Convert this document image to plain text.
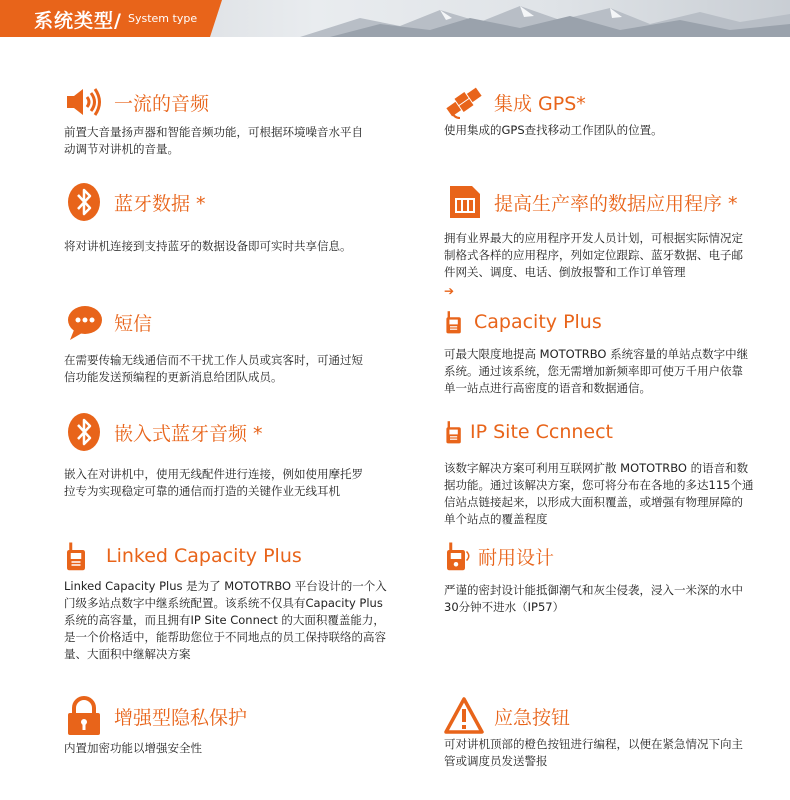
系统类型/ System type
一流的音频
前置大音量扬声器和智能音频功能，可根据环境噪音水平自动调节对讲机的音量。
集成 GPS*
使用集成的GPS查找移动工作团队的位置。
蓝牙数据 *
将对讲机连接到支持蓝牙的数据设备即可实时共享信息。
提高生产率的数据应用程序 *
拥有业界最大的应用程序开发人员计划，可根据实际情况定制格式各样的应用程序，列如定位跟踪、蓝牙数据、电子邮件网关、调度、电话、倒放报警和工作订单管理
➔
短信
在需要传输无线通信而不干扰工作人员或宾客时，可通过短信功能发送预编程的更新消息给团队成员。
Capacity Plus
可最大限度地提高 MOTOTRBO 系统容量的单站点数字中继系统。通过该系统，您无需增加新频率即可使万千用户依靠单一站点进行高密度的语音和数据通信。
嵌入式蓝牙音频 *
嵌入在对讲机中，使用无线配件进行连接，例如使用摩托罗拉专为实现稳定可靠的通信而打造的关键作业无线耳机
IP Site Ccnnect
该数字解决方案可利用互联网扩散 MOTOTRBO 的语音和数据功能。通过该解决方案，您可将分布在各地的多达115个通信站点链接起来，以形成大面积覆盖，或增强有物理屏障的单个站点的覆盖程度
Linked Capacity Plus
Linked Capacity Plus 是为了 MOTOTRBO 平台设计的一个入门级多站点数字中继系统配置。该系统不仅具有Capacity Plus 系统的高容量，而且拥有IP Site Connect 的大面积覆盖能力，是一个价格适中，能帮助您位于不同地点的员工保持联络的高容量、大面积中继解决方案
耐用设计
严谨的密封设计能抵御潮气和灰尘侵袭，浸入一米深的水中 30分钟不进水（IP57）
增强型隐私保护
内置加密功能以增强安全性
应急按钮
可对讲机顶部的橙色按钮进行编程，以便在紧急情况下向主管或调度员发送警报
